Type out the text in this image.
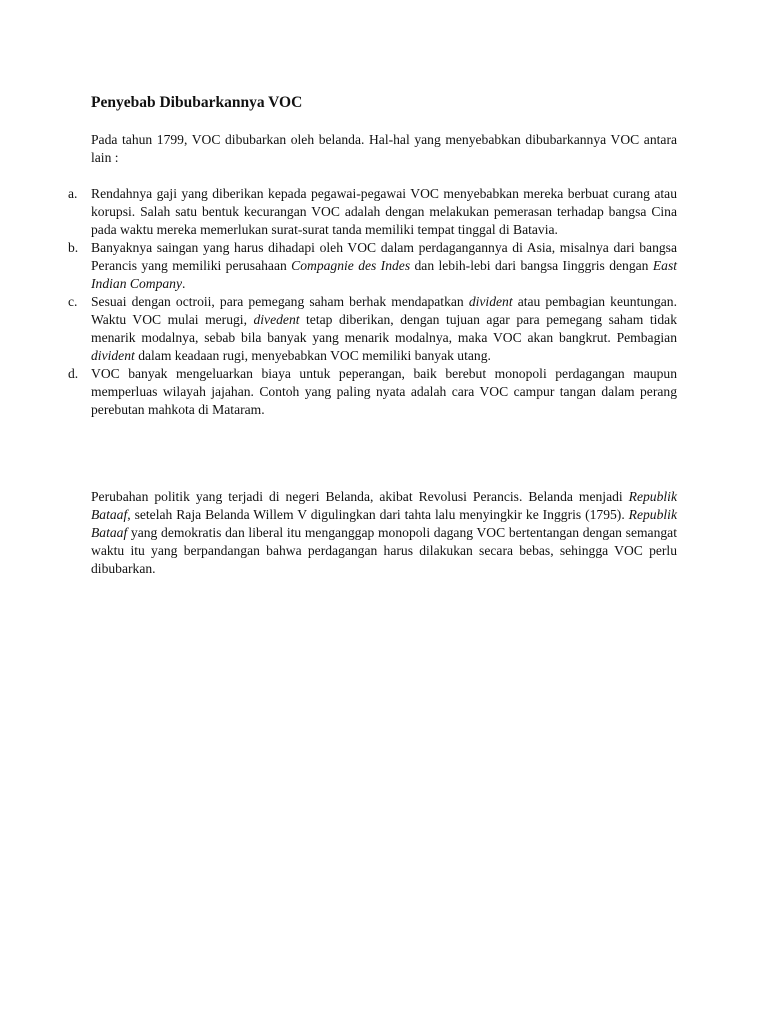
Penyebab Dibubarkannya VOC

Pada tahun 1799, VOC dibubarkan oleh belanda. Hal-hal yang menyebabkan dibubarkannya VOC antara lain :

a. Rendahnya gaji yang diberikan kepada pegawai-pegawai VOC menyebabkan mereka berbuat curang atau korupsi. Salah satu bentuk kecurangan VOC adalah dengan melakukan pemerasan terhadap bangsa Cina pada waktu mereka memerlukan surat-surat tanda memiliki tempat tinggal di Batavia.
b. Banyaknya saingan yang harus dihadapi oleh VOC dalam perdagangannya di Asia, misalnya dari bangsa Perancis yang memiliki perusahaan Compagnie des Indes dan lebih-lebi dari bangsa Iinggris dengan East Indian Company.
c. Sesuai dengan octroii, para pemegang saham berhak mendapatkan divident atau pembagian keuntungan. Waktu VOC mulai merugi, divedent tetap diberikan, dengan tujuan agar para pemegang saham tidak menarik modalnya, sebab bila banyak yang menarik modalnya, maka VOC akan bangkrut. Pembagian divident dalam keadaan rugi, menyebabkan VOC memiliki banyak utang.
d. VOC banyak mengeluarkan biaya untuk peperangan, baik berebut monopoli perdagangan maupun memperluas wilayah jajahan. Contoh yang paling nyata adalah cara VOC campur tangan dalam perang perebutan mahkota di Mataram.

Perubahan politik yang terjadi di negeri Belanda, akibat Revolusi Perancis. Belanda menjadi Republik Bataaf, setelah Raja Belanda Willem V digulingkan dari tahta lalu menyingkir ke Inggris (1795). Republik Bataaf yang demokratis dan liberal itu menganggap monopoli dagang VOC bertentangan dengan semangat waktu itu yang berpandangan bahwa perdagangan harus dilakukan secara bebas, sehingga VOC perlu dibubarkan.
